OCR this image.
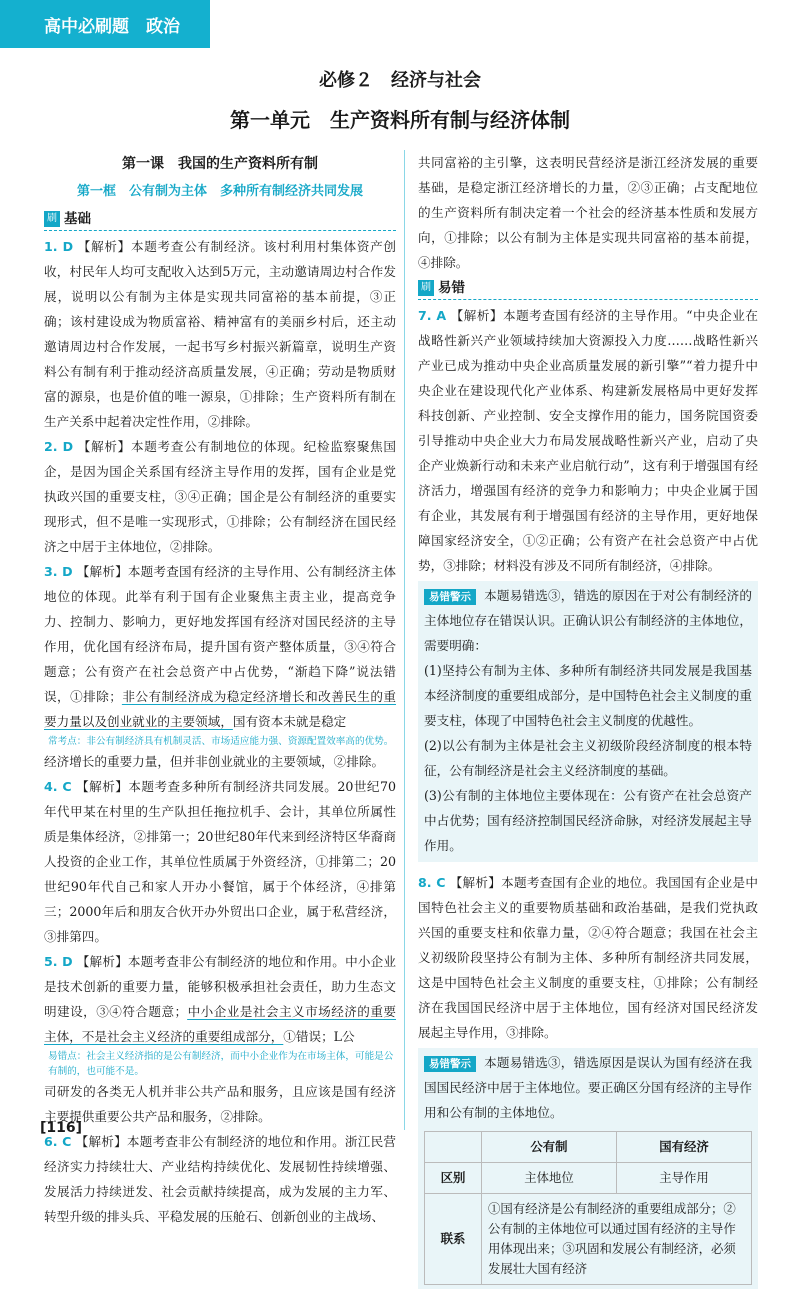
高中必刷题　政治
必修２　经济与社会
第一单元　生产资料所有制与经济体制

第一课　我国的生产资料所有制

第一框　公有制为主体　多种所有制经济共同发展

刷 基础

1. D 【解析】本题考查公有制经济。该村利用村集体资产创收，村民年人均可支配收入达到5万元，主动邀请周边村合作发展，说明以公有制为主体是实现共同富裕的基本前提，③正确；该村建设成为物质富裕、精神富有的美丽乡村后，还主动邀请周边村合作发展，一起书写乡村振兴新篇章，说明生产资料公有制有利于推动经济高质量发展，④正确；劳动是物质财富的源泉，也是价值的唯一源泉，①排除；生产资料所有制在生产关系中起着决定性作用，②排除。

2. D 【解析】本题考查公有制地位的体现。纪检监察聚焦国企，是因为国企关系国有经济主导作用的发挥，国有企业是党执政兴国的重要支柱，③④正确；国企是公有制经济的重要实现形式，但不是唯一实现形式，①排除；公有制经济在国民经济之中居于主体地位，②排除。

3. D 【解析】本题考查国有经济的主导作用、公有制经济主体地位的体现。此举有利于国有企业聚焦主责主业，提高竞争力、控制力、影响力，更好地发挥国有经济对国民经济的主导作用，优化国有经济布局，提升国有资产整体质量，③④符合题意；公有资产在社会总资产中占优势，“渐趋下降”说法错误，①排除；非公有制经济成为稳定经济增长和改善民生的重要力量以及创业就业的主要领域，国有资本未就是稳定

常考点：非公有制经济具有机制灵活、市场适应能力强、资源配置效率高的优势。

经济增长的重要力量，但并非创业就业的主要领域，②排除。

4. C 【解析】本题考查多种所有制经济共同发展。20世纪70年代甲某在村里的生产队担任拖拉机手、会计，其单位所属性质是集体经济，②排第一；20世纪80年代来到经济特区华裔商人投资的企业工作，其单位性质属于外资经济，①排第二；20世纪90年代自己和家人开办小餐馆，属于个体经济，④排第三；2000年后和朋友合伙开办外贸出口企业，属于私营经济，③排第四。

5. D 【解析】本题考查非公有制经济的地位和作用。中小企业是技术创新的重要力量，能够积极承担社会责任，助力生态文明建设，③④符合题意；中小企业是社会主义市场经济的重要主体，不是社会主义经济的重要组成部分，①错误；L公

易错点：社会主义经济指的是公有制经济，而中小企业作为在市场主体，可能是公有制的，也可能不是。

司研发的各类无人机并非公共产品和服务，且应该是国有经济主要提供重要公共产品和服务，②排除。

6. C 【解析】本题考查非公有制经济的地位和作用。浙江民营经济实力持续壮大、产业结构持续优化、发展韧性持续增强、发展活力持续迸发、社会贡献持续提高，成为发展的主力军、转型升级的排头兵、平稳发展的压舱石、创新创业的主战场、

共同富裕的主引擎，这表明民营经济是浙江经济发展的重要基础，是稳定浙江经济增长的力量，②③正确；占支配地位的生产资料所有制决定着一个社会的经济基本性质和发展方向，①排除；以公有制为主体是实现共同富裕的基本前提，④排除。

刷 易错

7. A 【解析】本题考查国有经济的主导作用。“中央企业在战略性新兴产业领域持续加大资源投入力度……战略性新兴产业已成为推动中央企业高质量发展的新引擎”“着力提升中央企业在建设现代化产业体系、构建新发展格局中更好发挥科技创新、产业控制、安全支撑作用的能力，国务院国资委引导推动中央企业大力布局发展战略性新兴产业，启动了央企产业焕新行动和未来产业启航行动”，这有利于增强国有经济活力，增强国有经济的竞争力和影响力；中央企业属于国有企业，其发展有利于增强国有经济的主导作用，更好地保障国家经济安全，①②正确；公有资产在社会总资产中占优势，③排除；材料没有涉及不同所有制经济，④排除。

易错警示 本题易错选③，错选的原因在于对公有制经济的主体地位存在错误认识。正确认识公有制经济的主体地位，需要明确：

(1)坚持公有制为主体、多种所有制经济共同发展是我国基本经济制度的重要组成部分，是中国特色社会主义制度的重要支柱，体现了中国特色社会主义制度的优越性。

(2)以公有制为主体是社会主义初级阶段经济制度的根本特征，公有制经济是社会主义经济制度的基础。

(3)公有制的主体地位主要体现在：公有资产在社会总资产中占优势；国有经济控制国民经济命脉，对经济发展起主导作用。

8. C 【解析】本题考查国有企业的地位。我国国有企业是中国特色社会主义的重要物质基础和政治基础，是我们党执政兴国的重要支柱和依靠力量，②④符合题意；我国在社会主义初级阶段坚持公有制为主体、多种所有制经济共同发展，这是中国特色社会主义制度的重要支柱，①排除；公有制经济在我国国民经济中居于主体地位，国有经济对国民经济发展起主导作用，③排除。

易错警示 本题易错选③，错选原因是误认为国有经济在我国国民经济中居于主体地位。要正确区分国有经济的主导作用和公有制的主体地位。

	公有制	国有经济
区别	主体地位	主导作用
联系	①国有经济是公有制经济的重要组成部分；②公有制的主体地位可以通过国有经济的主导作用体现出来；③巩固和发展公有制经济，必须发展壮大国有经济	
[116]
